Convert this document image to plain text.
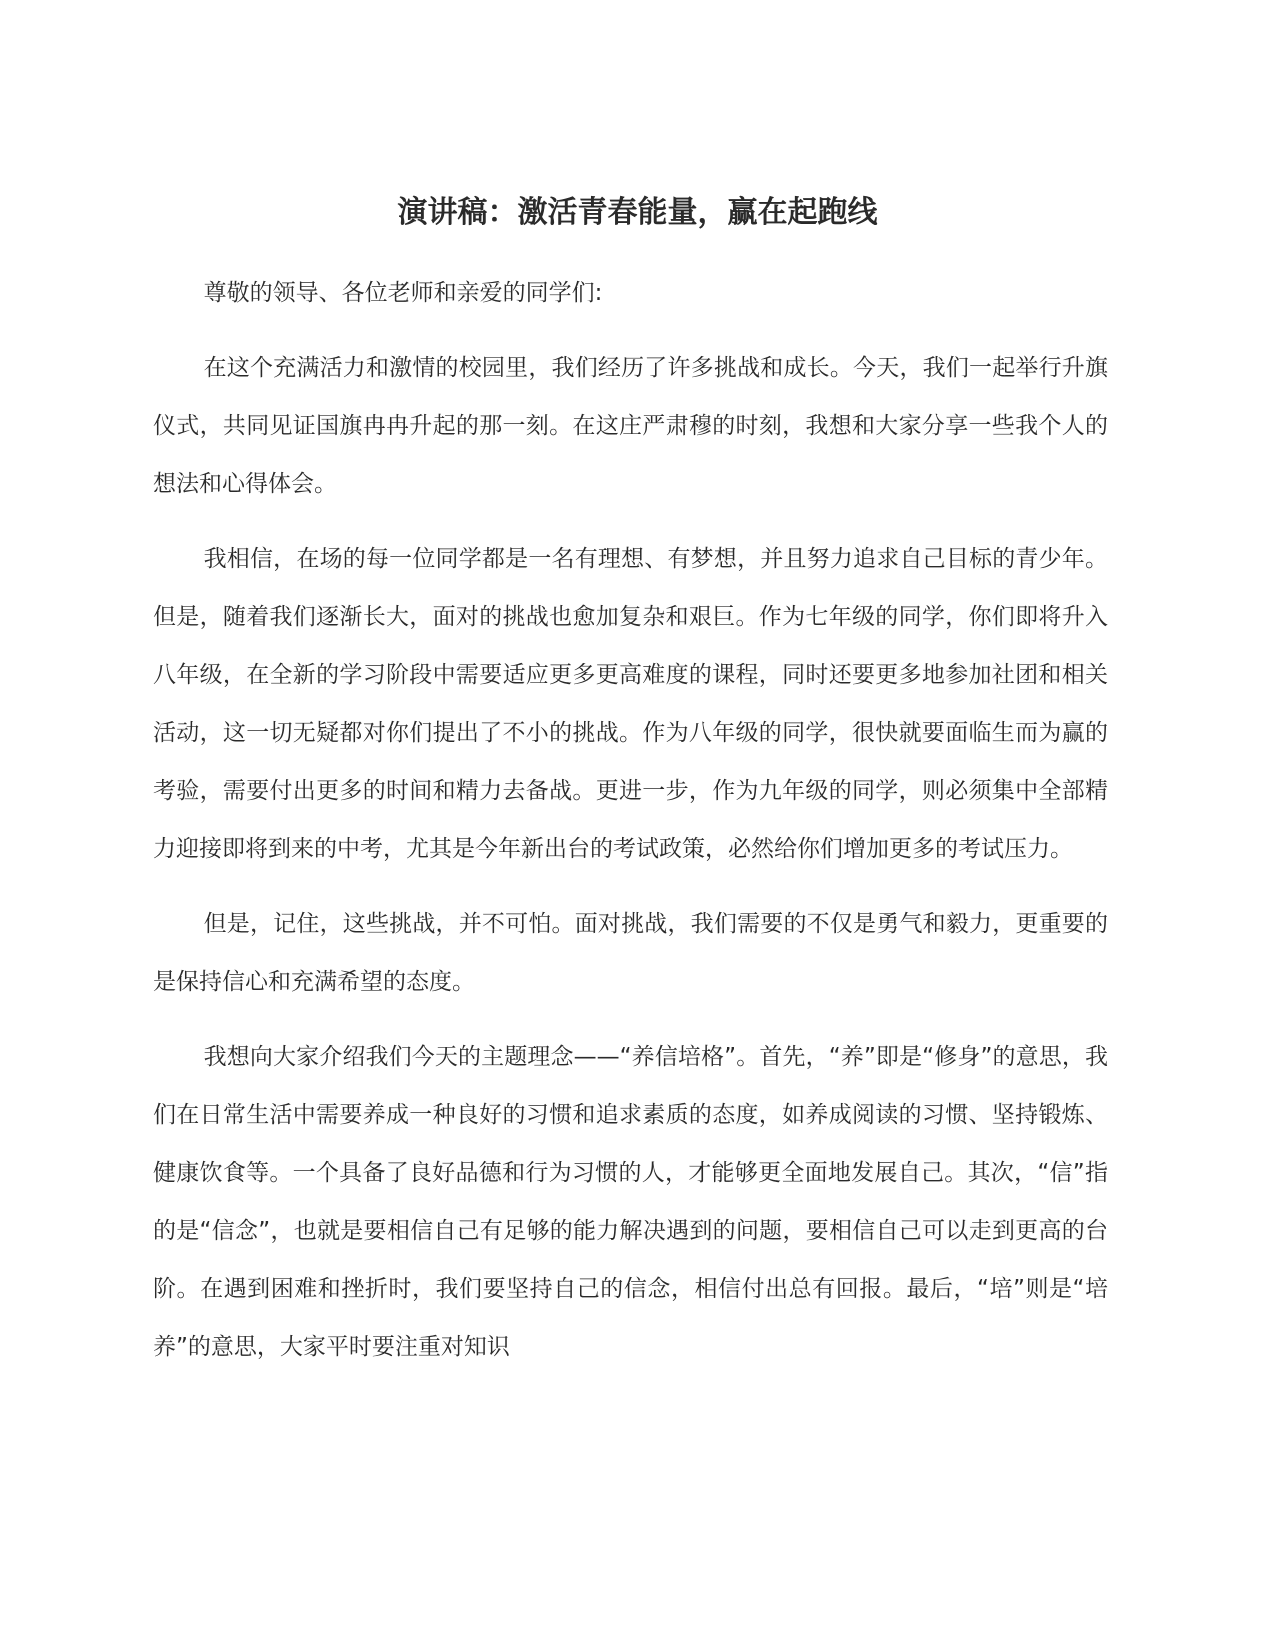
演讲稿：激活青春能量，赢在起跑线

尊敬的领导、各位老师和亲爱的同学们:

在这个充满活力和激情的校园里，我们经历了许多挑战和成长。今天，我们一起举行升旗仪式，共同见证国旗冉冉升起的那一刻。在这庄严肃穆的时刻，我想和大家分享一些我个人的想法和心得体会。

我相信，在场的每一位同学都是一名有理想、有梦想，并且努力追求自己目标的青少年。但是，随着我们逐渐长大，面对的挑战也愈加复杂和艰巨。作为七年级的同学，你们即将升入八年级，在全新的学习阶段中需要适应更多更高难度的课程，同时还要更多地参加社团和相关活动，这一切无疑都对你们提出了不小的挑战。作为八年级的同学，很快就要面临生而为赢的考验，需要付出更多的时间和精力去备战。更进一步，作为九年级的同学，则必须集中全部精力迎接即将到来的中考，尤其是今年新出台的考试政策，必然给你们增加更多的考试压力。

但是，记住，这些挑战，并不可怕。面对挑战，我们需要的不仅是勇气和毅力，更重要的是保持信心和充满希望的态度。

我想向大家介绍我们今天的主题理念——“养信培格”。首先，“养”即是“修身”的意思，我们在日常生活中需要养成一种良好的习惯和追求素质的态度，如养成阅读的习惯、坚持锻炼、健康饮食等。一个具备了良好品德和行为习惯的人，才能够更全面地发展自己。其次，“信”指的是“信念”，也就是要相信自己有足够的能力解决遇到的问题，要相信自己可以走到更高的台阶。在遇到困难和挫折时，我们要坚持自己的信念，相信付出总有回报。最后，“培”则是“培养”的意思，大家平时要注重对知识
